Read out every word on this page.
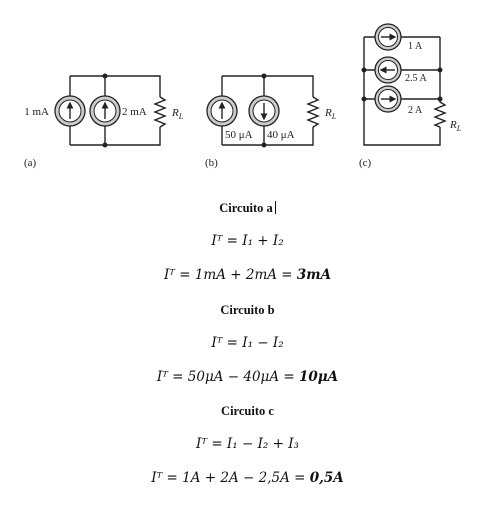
1 mA	2 mA $R_L$
(a)
50 μA 40 μA
$R_L$
(b)
1 A
2.5 A
2 A
$R_L$
(c)
Circuito a
Iᵀ = I₁ + I₂
Iᵀ = 1mA + 2mA = 3mA
Circuito b
Iᵀ = I₁ − I₂
Iᵀ = 50μA − 40μA = 10μA
Circuito c
Iᵀ = I₁ − I₂ + I₃
Iᵀ = 1A + 2A − 2,5A = 0,5A
